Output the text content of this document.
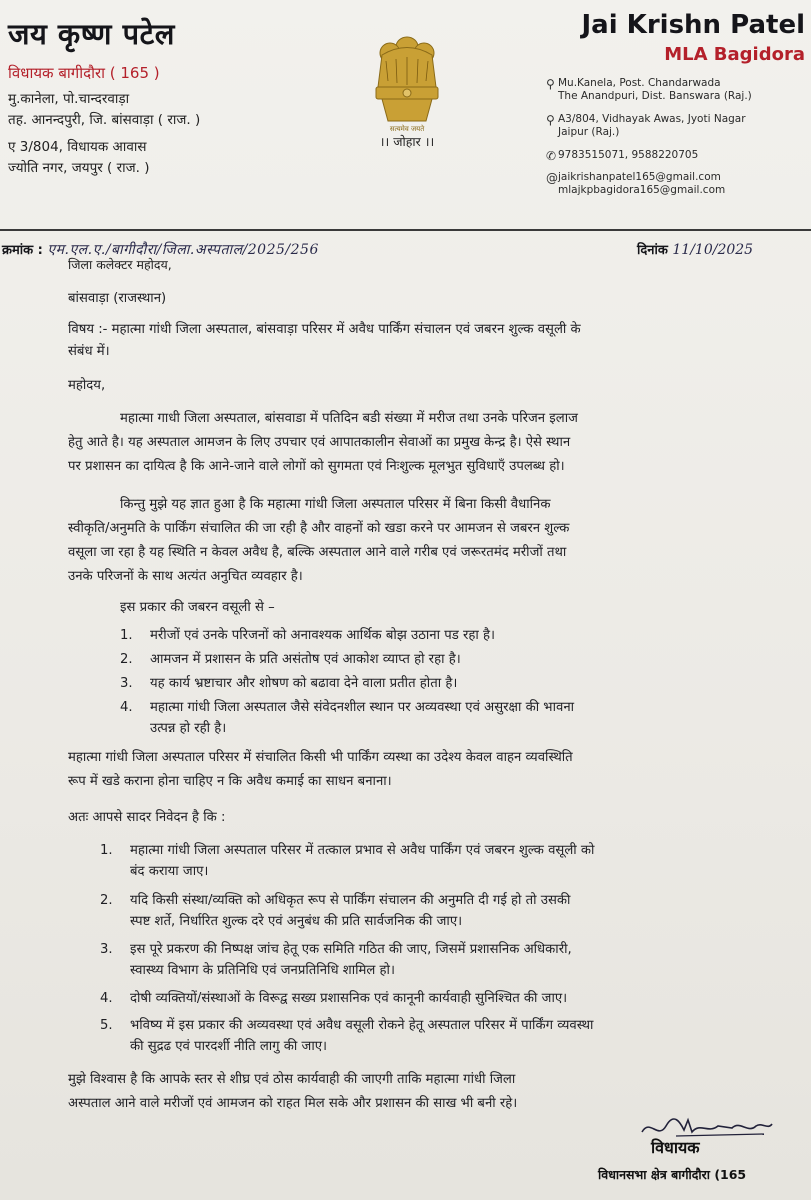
जय कृष्ण पटेल
विधायक बागीदौरा ( 165 )
मु.कानेला, पो.चान्दरवाड़ा
तह. आनन्दपुरी, जि. बांसवाड़ा ( राज. )
ए 3/804, विधायक आवास
ज्योति नगर, जयपुर ( राज. )
सत्यमेव जयते
।। जोहार ।।
Jai Krishn Patel
MLA Bagidora
⚲ Mu.Kanela, Post. Chandarwada
The Anandpuri, Dist. Banswara (Raj.)
⚲ A3/804, Vidhayak Awas, Jyoti Nagar
Jaipur (Raj.)
✆ 9783515071, 9588220705
@ jaikrishanpatel165@gmail.com
mlajkpbagidora165@gmail.com
क्रमांक : एम.एल.ए./बागीदौरा/जिला.अस्पताल/2025/256	दिनांक 11/10/2025
जिला कलेक्टर महोदय,
बांसवाड़ा (राजस्थान)
विषय :- महात्मा गांधी जिला अस्पताल, बांसवाड़ा परिसर में अवैध पार्किंग संचालन एवं जबरन शुल्क वसूली के
संबंध में।
महोदय,
महात्मा गाधी जिला अस्पताल, बांसवाडा में पतिदिन बडी संख्या में मरीज तथा उनके परिजन इलाज
हेतु आते है। यह अस्पताल आमजन के लिए उपचार एवं आपातकालीन सेवाओं का प्रमुख केन्द्र है। ऐसे स्थान
पर प्रशासन का दायित्व है कि आने-जाने वाले लोगों को सुगमता एवं निःशुल्क मूलभुत सुविधाएँ उपलब्ध हो।
किन्तु मुझे यह ज्ञात हुआ है कि महात्मा गांधी जिला अस्पताल परिसर में बिना किसी वैधानिक
स्वीकृति/अनुमति के पार्किंग संचालित की जा रही है और वाहनों को खडा करने पर आमजन से जबरन शुल्क
वसूला जा रहा है यह स्थिति न केवल अवैध है, बल्कि अस्पताल आने वाले गरीब एवं जरूरतमंद मरीजों तथा
उनके परिजनों के साथ अत्यंत अनुचित व्यवहार है।
इस प्रकार की जबरन वसूली से –
1. मरीजों एवं उनके परिजनों को अनावश्यक आर्थिक बोझ उठाना पड रहा है।
2. आमजन में प्रशासन के प्रति असंतोष एवं आकोश व्याप्त हो रहा है।
3. यह कार्य भ्रष्टाचार और शोषण को बढावा देने वाला प्रतीत होता है।
4. महात्मा गांधी जिला अस्पताल जैसे संवेदनशील स्थान पर अव्यवस्था एवं असुरक्षा की भावना
उत्पन्न हो रही है।
महात्मा गांधी जिला अस्पताल परिसर में संचालित किसी भी पार्किंग व्यस्था का उदेश्य केवल वाहन व्यवस्थिति
रूप में खडे कराना होना चाहिए न कि अवैध कमाई का साधन बनाना।
अतः आपसे सादर निवेदन है कि :
1. महात्मा गांधी जिला अस्पताल परिसर में तत्काल प्रभाव से अवैध पार्किंग एवं जबरन शुल्क वसूली को
बंद कराया जाए।
2. यदि किसी संस्था/व्यक्ति को अधिकृत रूप से पार्किंग संचालन की अनुमति दी गई हो तो उसकी
स्पष्ट शर्ते, निर्धारित शुल्क दरे एवं अनुबंध की प्रति सार्वजनिक की जाए।
3. इस पूरे प्रकरण की निष्पक्ष जांच हेतू एक समिति गठित की जाए, जिसमें प्रशासनिक अधिकारी,
स्वास्थ्य विभाग के प्रतिनिधि एवं जनप्रतिनिधि शामिल हो।
4. दोषी व्यक्तियों/संस्थाओं के विरूद्व सख्य प्रशासनिक एवं कानूनी कार्यवाही सुनिश्चित की जाए।
5. भविष्य में इस प्रकार की अव्यवस्था एवं अवैध वसूली रोकने हेतू अस्पताल परिसर में पार्किंग व्यवस्था
की सुद्रढ एवं पारदर्शी नीति लागु की जाए।
मुझे विश्वास है कि आपके स्तर से शीघ्र एवं ठोस कार्यवाही की जाएगी ताकि महात्मा गांधी जिला
अस्पताल आने वाले मरीजों एवं आमजन को राहत मिल सके और प्रशासन की साख भी बनी रहे।
विधायक
विधानसभा क्षेत्र बागीदौरा (165
